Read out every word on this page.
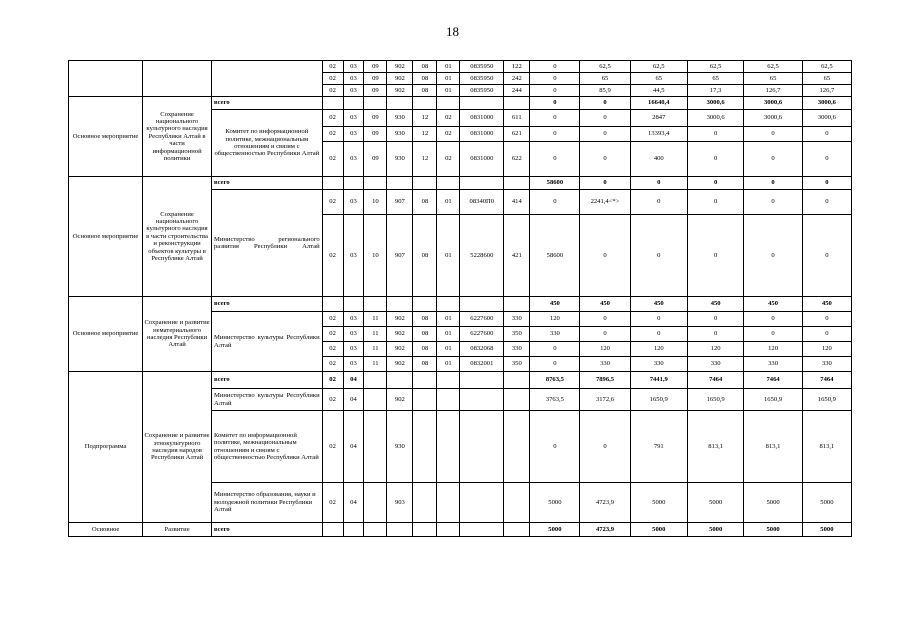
18
			02	03	09	902	08	01	0835950	122	0	62,5	62,5	62,5	62,5	62,5
			02	03	09	902	08	01	0835950	242	0	65	65	65	65	65
			02	03	09	902	08	01	0835950	244	0	85,9	44,5	17,3	126,7	126,7
Основное мероприятие	Сохранение национального культурного наследия Республики Алтай в части информационной политики	всего									0	0	16640,4	3000,6	3000,6	3000,6
		Комитет по информационной политике, межнациональным отношениям и связям с общественностью Республики Алтай	02	03	09	930	12	02	0831000	611	0	0	2847	3000,6	3000,6	3000,6
			02	03	09	930	12	02	0831000	621	0	0	13393,4	0	0	0
			02	03	09	930	12	02	0831000	622	0	0	400	0	0	0
Основное мероприятие	Сохранение национального культурного наследия в части строительства и реконструкции объектов культуры в Республике Алтай	всего									58600	0	0	0	0	0
		Министерство регионального развития Республики Алтай	02	03	10	907	08	01	08340П0	414	0	2241,4<*>	0	0	0	0
			02	03	10	907	08	01	5228600	421	58600	0	0	0	0	0
Основное мероприятие	Сохранение и развитие нематериального наследия Республики Алтай	всего									450	450	450	450	450	450
		Министерство культуры Республики Алтай	02	03	11	902	08	01	6227600	330	120	0	0	0	0	0
			02	03	11	902	08	01	6227600	350	330	0	0	0	0	0
			02	03	11	902	08	01	0832068	330	0	120	120	120	120	120
			02	03	11	902	08	01	0832001	350	0	330	330	330	330	330
Подпрограмма	Сохранение и развитие этнокультурного наследия народов Республики Алтай	всего	02	04							8763,5	7896,5	7441,9	7464	7464	7464
		Министерство культуры Республики Алтай	02	04		902					3763,5	3172,6	1650,9	1650,9	1650,9	1650,9
		Комитет по информационной политике, межнациональным отношениям и связям с общественностью Республики Алтай	02	04		930					0	0	791	813,1	813,1	813,1
		Министерство образования, науки и молодежной политики Республики Алтай	02	04		903					5000	4723,9	5000	5000	5000	5000
Основное	Развитие	всего									5000	4723,9	5000	5000	5000	5000
